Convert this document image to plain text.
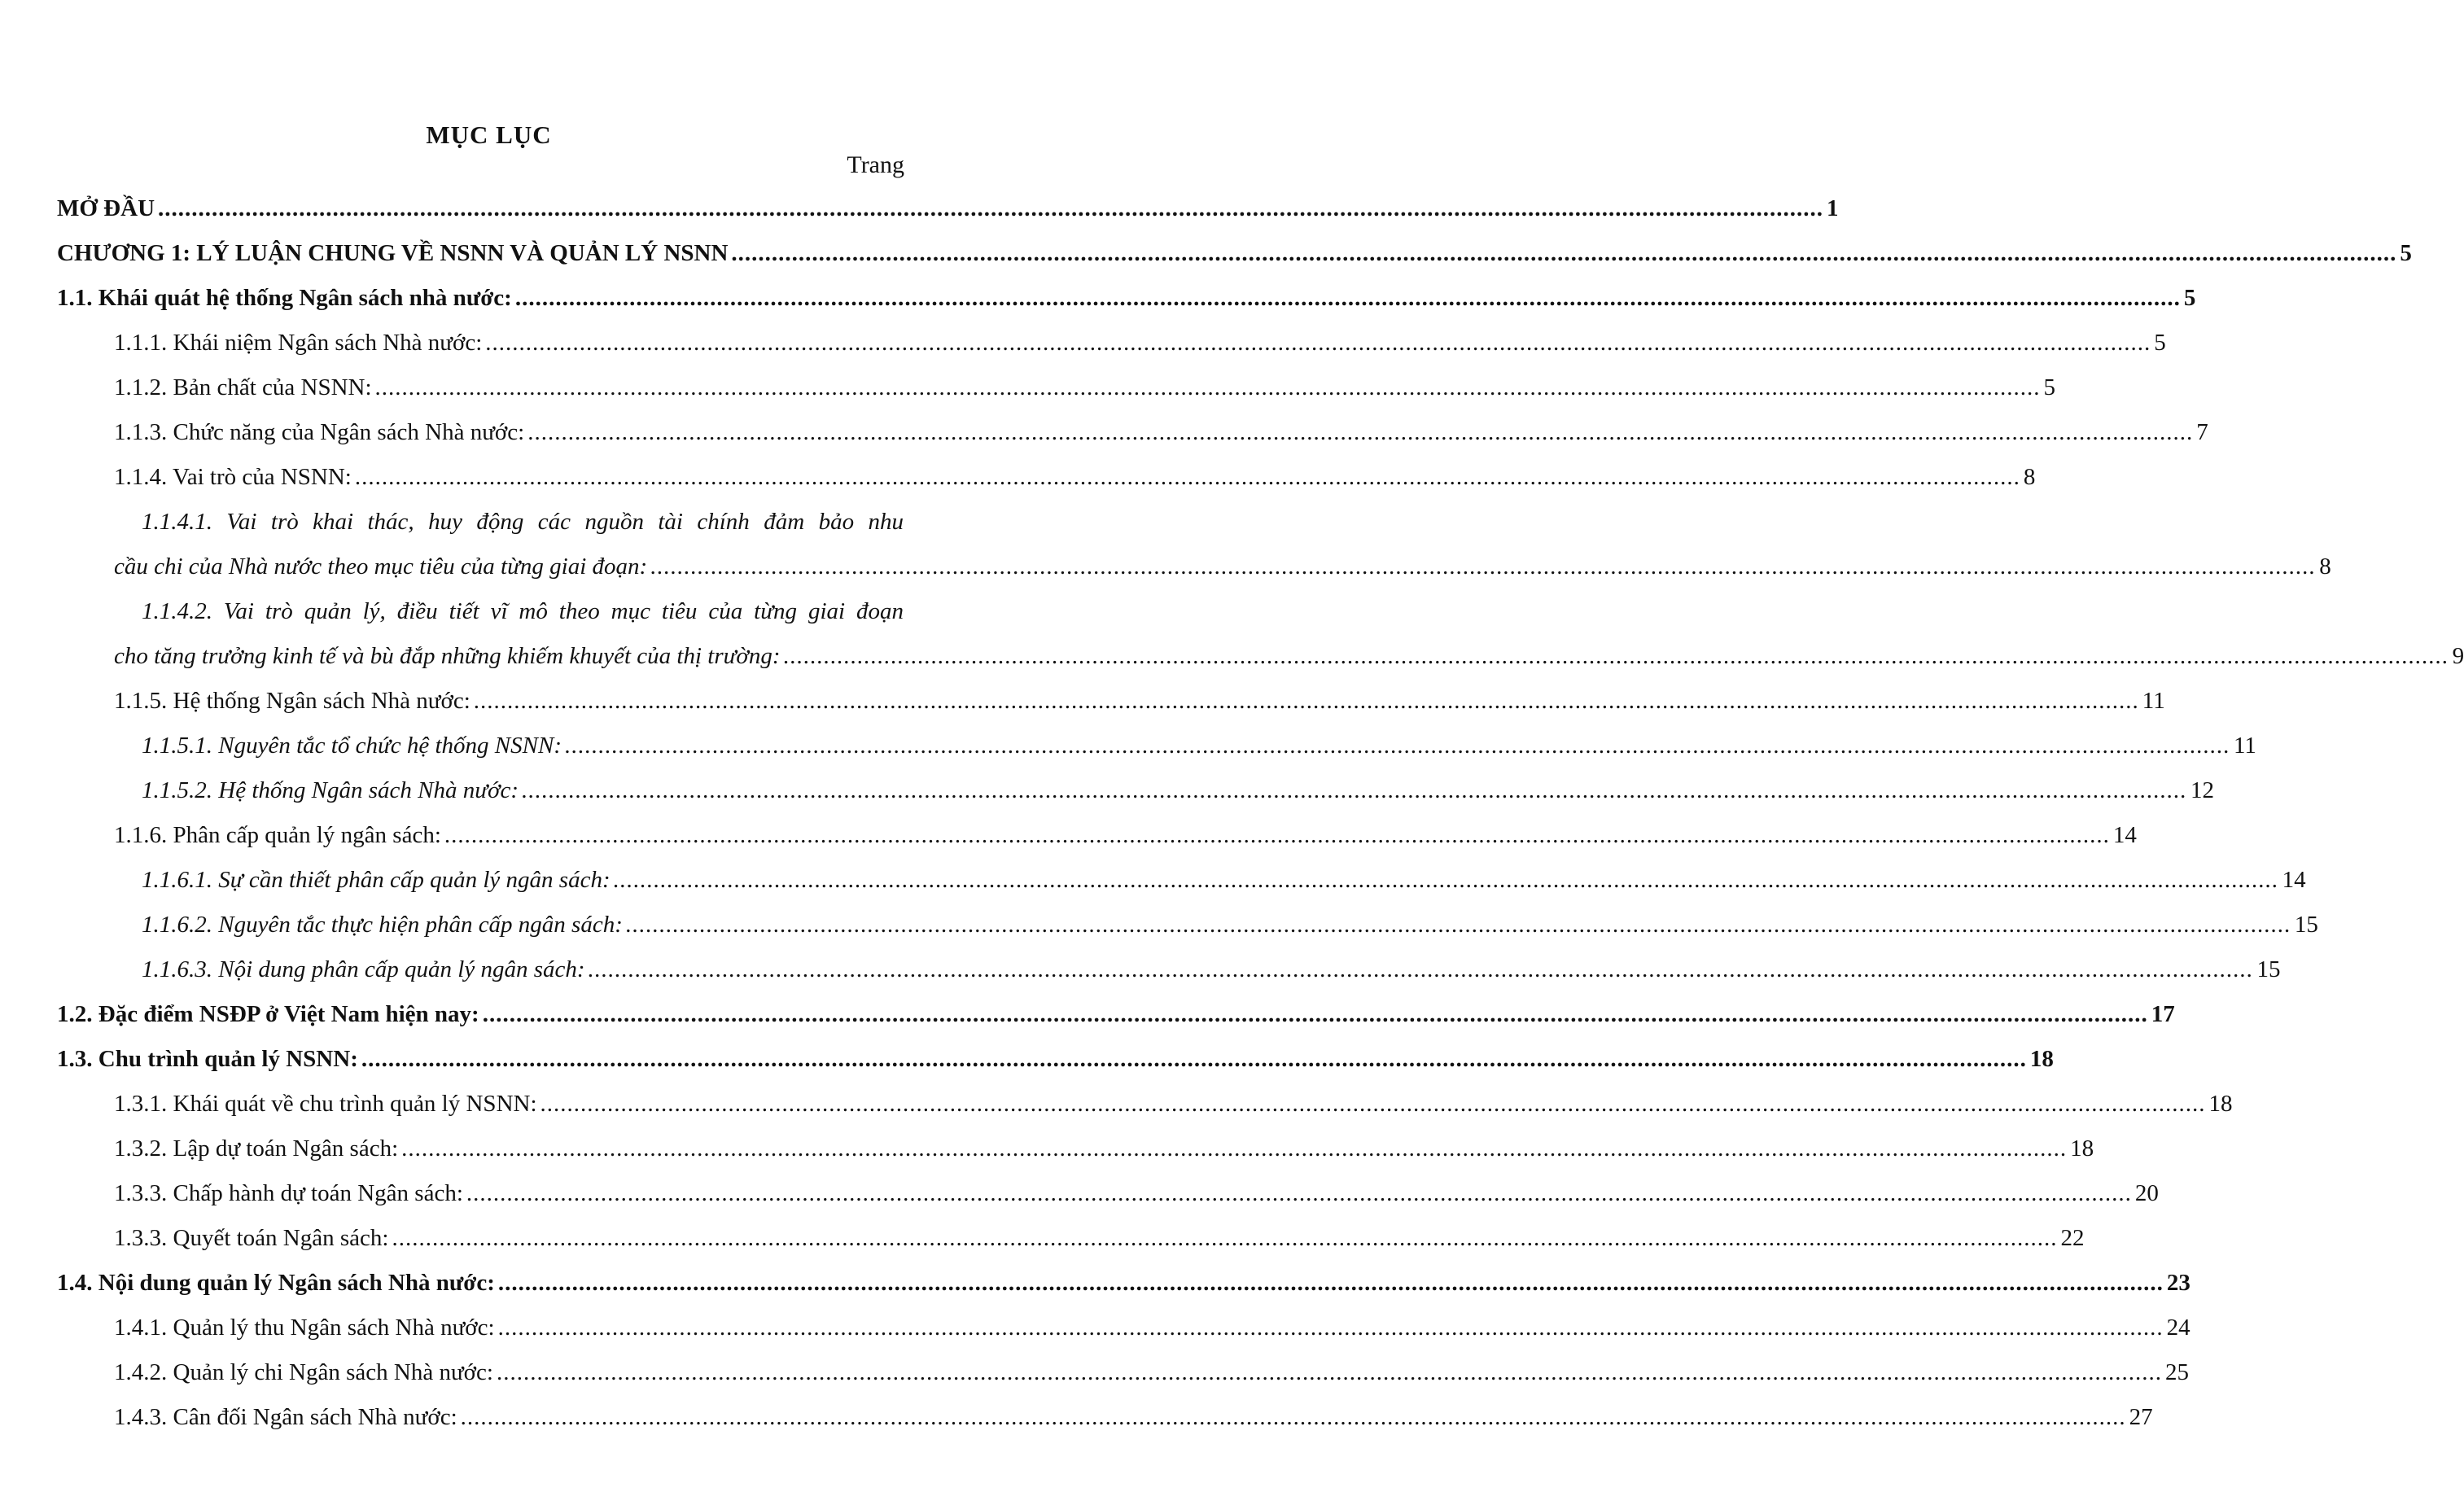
MỤC LỤC
Trang
MỞ ĐẦU .....	1
CHƯƠNG 1: LÝ LUẬN CHUNG VỀ NSNN VÀ QUẢN LÝ NSNN .....	5
1.1. Khái quát hệ thống Ngân sách nhà nước: .....	5
1.1.1. Khái niệm Ngân sách Nhà nước: .....	5
1.1.2. Bản chất của NSNN: .....	5
1.1.3. Chức năng của Ngân sách Nhà nước: .....	7
1.1.4. Vai trò của NSNN: .....	8
1.1.4.1. Vai trò khai thác, huy động các nguồn tài chính đảm bảo nhu
cầu chi của Nhà nước theo mục tiêu của từng giai đoạn: .....	8
1.1.4.2. Vai trò quản lý, điều tiết vĩ mô theo mục tiêu của từng giai đoạn
cho tăng trưởng kinh tế và bù đắp những khiếm khuyết của thị trường: .....	9
1.1.5. Hệ thống Ngân sách Nhà nước: .....	11
1.1.5.1. Nguyên tắc tổ chức hệ thống NSNN: .....	11
1.1.5.2. Hệ thống Ngân sách Nhà nước: .....	12
1.1.6. Phân cấp quản lý ngân sách: .....	14
1.1.6.1. Sự cần thiết phân cấp quản lý ngân sách: .....	14
1.1.6.2. Nguyên tắc thực hiện phân cấp ngân sách: .....	15
1.1.6.3. Nội dung phân cấp quản lý ngân sách: .....	15
1.2. Đặc điểm NSĐP ở Việt Nam hiện nay: .....	17
1.3. Chu trình quản lý NSNN: .....	18
1.3.1. Khái quát về chu trình quản lý NSNN: .....	18
1.3.2. Lập dự toán Ngân sách: .....	18
1.3.3. Chấp hành dự toán Ngân sách: .....	20
1.3.3. Quyết toán Ngân sách: .....	22
1.4. Nội dung quản lý Ngân sách Nhà nước: .....	23
1.4.1. Quản lý thu Ngân sách Nhà nước: .....	24
1.4.2. Quản lý chi Ngân sách Nhà nước: .....	25
1.4.3. Cân đối Ngân sách Nhà nước: .....	27
